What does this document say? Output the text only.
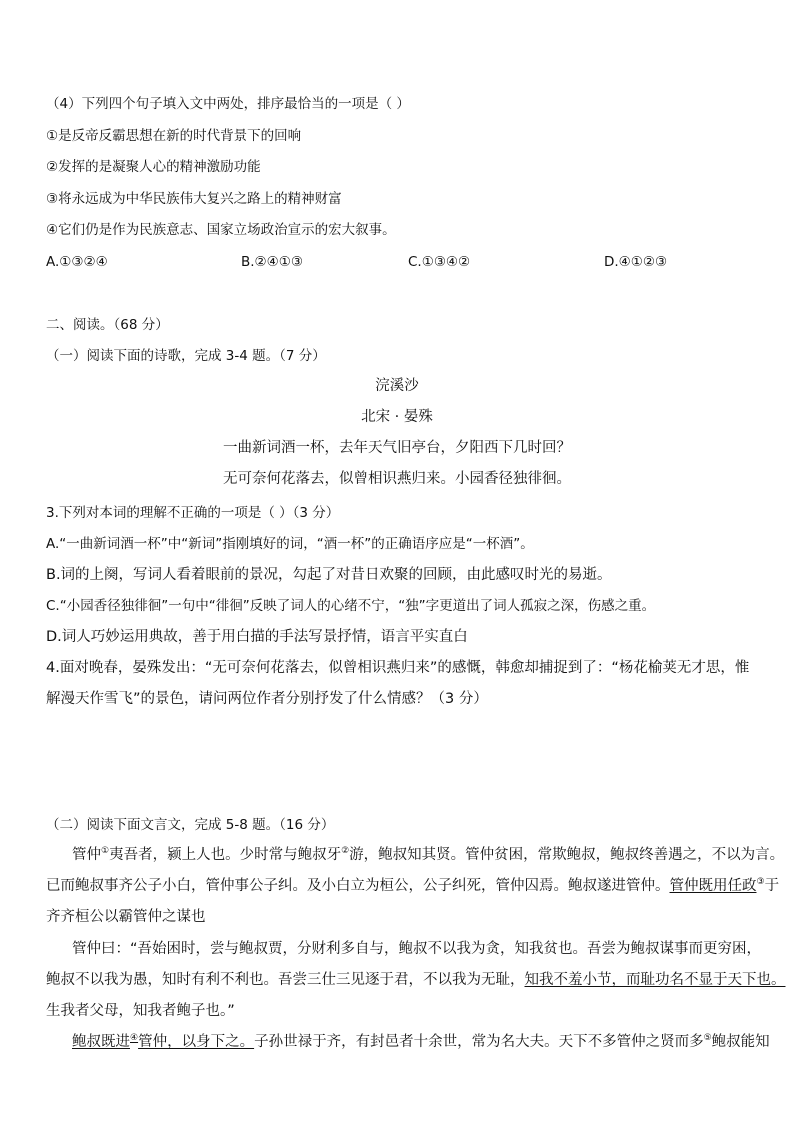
（4）下列四个句子填入文中两处，排序最恰当的一项是（ ）
①是反帝反霸思想在新的时代背景下的回响
②发挥的是凝聚人心的精神激励功能
③将永远成为中华民族伟大复兴之路上的精神财富
④它们仍是作为民族意志、国家立场政治宣示的宏大叙事。
A.①③②④	B.②④①③	C.①③④②	D.④①②③
二、阅读。（68 分）
（一）阅读下面的诗歌，完成 3-4 题。（7 分）
浣溪沙
北宋 · 晏殊
一曲新词酒一杯，去年天气旧亭台，夕阳西下几时回？
无可奈何花落去，似曾相识燕归来。小园香径独徘徊。
3.下列对本词的理解不正确的一项是（ ）（3 分）
A.“一曲新词酒一杯”中“新词”指刚填好的词，“酒一杯”的正确语序应是“一杯酒”。
B.词的上阕，写词人看着眼前的景况，勾起了对昔日欢聚的回顾，由此感叹时光的易逝。
C.“小园香径独徘徊”一句中“徘徊”反映了词人的心绪不宁，“独”字更道出了词人孤寂之深，伤感之重。
D.词人巧妙运用典故，善于用白描的手法写景抒情，语言平实直白
4.面对晚春，晏殊发出：“无可奈何花落去，似曾相识燕归来”的感慨，韩愈却捕捉到了：“杨花榆荚无才思，惟
解漫天作雪飞”的景色，请问两位作者分别抒发了什么情感？（3 分）
（二）阅读下面文言文，完成 5-8 题。（16 分）
管仲①夷吾者，颍上人也。少时常与鲍叔牙②游，鲍叔知其贤。管仲贫困，常欺鲍叔，鲍叔终善遇之，不以为言。
已而鲍叔事齐公子小白，管仲事公子纠。及小白立为桓公，公子纠死，管仲囚焉。鲍叔遂进管仲。管仲既用任政③于
齐齐桓公以霸管仲之谋也
管仲曰：“吾始困时，尝与鲍叔贾，分财利多自与，鲍叔不以我为贪，知我贫也。吾尝为鲍叔谋事而更穷困，
鲍叔不以我为愚，知时有利不利也。吾尝三仕三见逐于君，不以我为无耻，知我不羞小节，而耻功名不显于天下也。
生我者父母，知我者鲍子也。”
鲍叔既进④管仲，以身下之。子孙世禄于齐，有封邑者十余世，常为名大夫。天下不多管仲之贤而多⑤鲍叔能知
